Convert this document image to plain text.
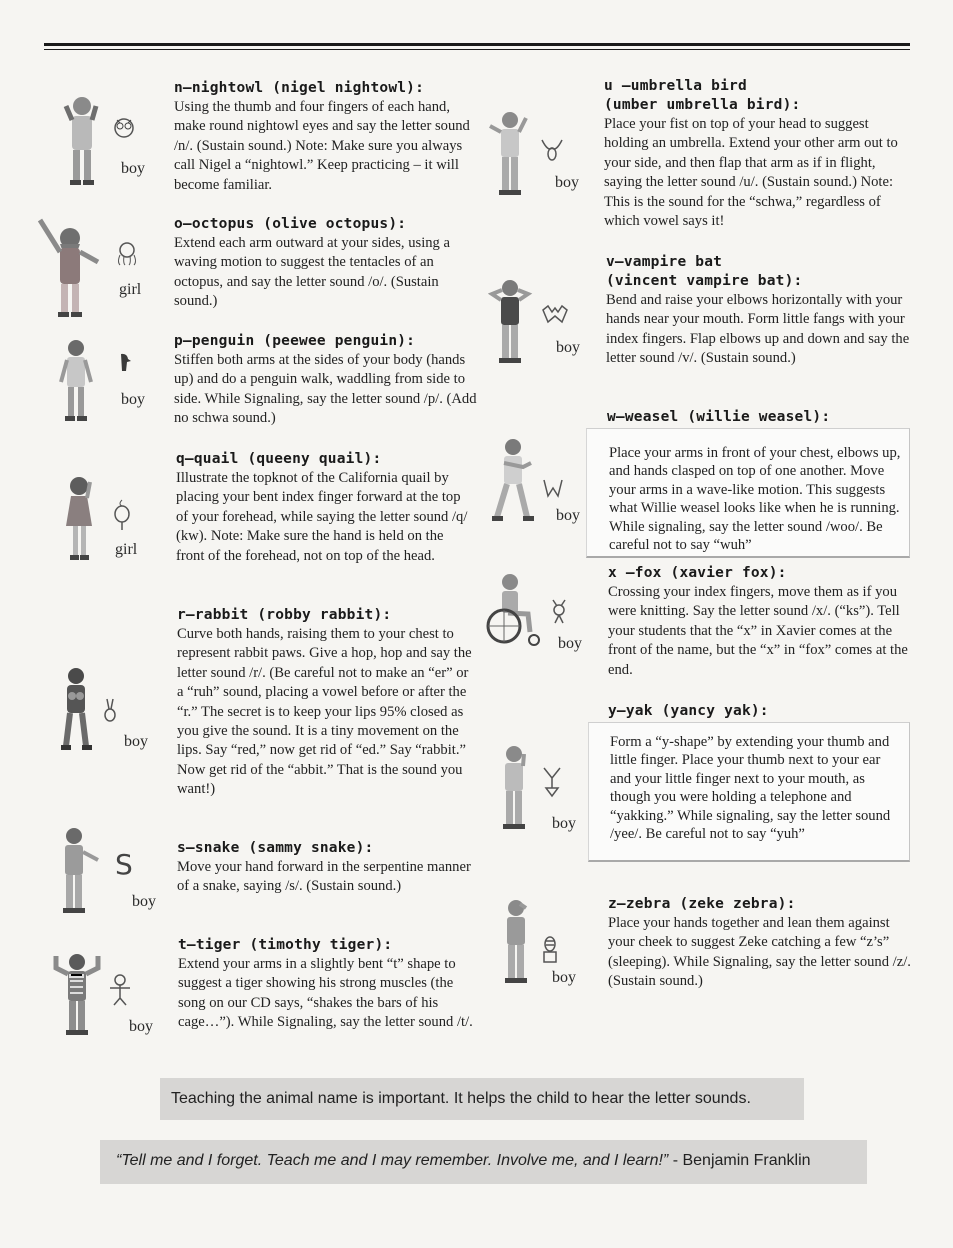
n—nightowl (nigel nightowl):

Using the thumb and four fingers of each hand, make round nightowl eyes and say the letter sound /n/. (Sustain sound.) Note: Make sure you always call Nigel a “nightowl.” Keep practicing – it will become familiar.

boy
o—octopus (olive octopus):

Extend each arm outward at your sides, using a waving motion to suggest the tentacles of an octopus, and say the letter sound /o/. (Sustain sound.)

girl
p—penguin (peewee penguin):

Stiffen both arms at the sides of your body (hands up) and do a penguin walk, waddling from side to side. While Signaling, say the letter sound /p/. (Add no schwa sound.)

boy
q—quail (queeny quail):

Illustrate the topknot of the California quail by placing your bent index finger forward at the top of your forehead, while saying the letter sound /q/ (kw). Note: Make sure the hand is held on the front of the forehead, not on top of the head.

girl
r—rabbit (robby rabbit):

Curve both hands, raising them to your chest to represent rabbit paws. Give a hop, hop and say the letter sound /r/. (Be careful not to make an “er” or a “ruh” sound, placing a vowel before or after the “r.” The secret is to keep your lips 95% closed as you give the sound. It is a tiny movement on the lips. Say “red,” now get rid of “ed.” Say “rabbit.” Now get rid of the “abbit.” That is the sound you want!)

boy
s—snake (sammy snake):

Move your hand forward in the serpentine manner of a snake, saying /s/. (Sustain sound.)

S
boy
t—tiger (timothy tiger):

Extend your arms in a slightly bent “t” shape to suggest a tiger showing his strong muscles (the song on our CD says, “shakes the bars of his cage…”). While Signaling, say the letter sound /t/.

boy
u —umbrella bird
(umber umbrella bird):

Place your fist on top of your head to suggest holding an umbrella. Extend your other arm out to your side, and then flap that arm as if in flight, saying the letter sound /u/. (Sustain sound.) Note: This is the sound for the “schwa,” regardless of which vowel says it!

boy
v—vampire bat
(vincent vampire bat):

Bend and raise your elbows horizontally with your hands near your mouth. Form little fangs with your index fingers. Flap elbows up and down and say the letter sound /v/. (Sustain sound.)

boy
w—weasel (willie weasel):

Place your arms in front of your chest, elbows up, and hands clasped on top of one another. Move your arms in a wave-like motion. This suggests what Willie weasel looks like when he is running. While signaling, say the letter sound /woo/. Be careful not to say “wuh”

boy
x —fox (xavier fox):

Crossing your index fingers, move them as if you were knitting. Say the letter sound /x/. (“ks”). Tell your students that the “x” in Xavier comes at the front of the name, but the “x” in “fox” comes at the end.

boy
y—yak (yancy yak):

Form a “y-shape” by extending your thumb and little finger. Place your thumb next to your ear and your little finger next to your mouth, as though you were holding a telephone and “yakking.” While signaling, say the letter sound /yee/. Be careful not to say “yuh”

boy
z—zebra (zeke zebra):

Place your hands together and lean them against your cheek to suggest Zeke catching a few “z’s” (sleeping). While Signaling, say the letter sound /z/. (Sustain sound.)

boy
Teaching the animal name is important. It helps the child to hear the letter sounds.
“Tell me and I forget. Teach me and I may remember. Involve me, and I learn!” - Benjamin Franklin
